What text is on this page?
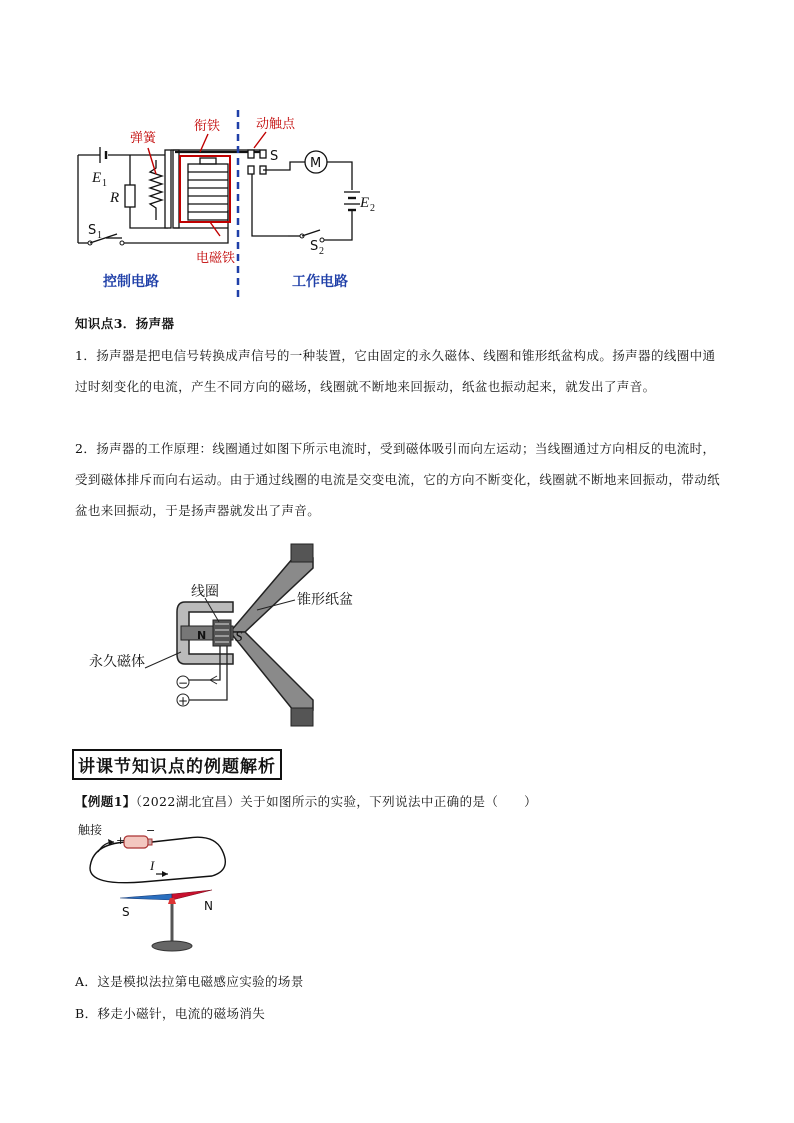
弹簧
衔铁	动触点
电磁铁
控制电路	工作电路
E 1
R
S 1
S M
E 2
S 2
知识点3．扬声器
1．扬声器是把电信号转换成声信号的一种装置，它由固定的永久磁体、线圈和锥形纸盆构成。扬声器的线圈中通过时刻变化的电流，产生不同方向的磁场，线圈就不断地来回振动，纸盆也振动起来，就发出了声音。
2．扬声器的工作原理：线圈通过如图下所示电流时，受到磁体吸引而向左运动；当线圈通过方向相反的电流时，受到磁体排斥而向右运动。由于通过线圈的电流是交变电流，它的方向不断变化，线圈就不断地来回振动，带动纸盆也来回振动，于是扬声器就发出了声音。
线圈	锥形纸盆
永久磁体
N S
−
+
讲课节知识点的例题解析
【例题1】（2022湖北宜昌）关于如图所示的实验，下列说法中正确的是（　　）
触接
+
−
I
S	N
A．这是模拟法拉第电磁感应实验的场景
B．移走小磁针，电流的磁场消失
